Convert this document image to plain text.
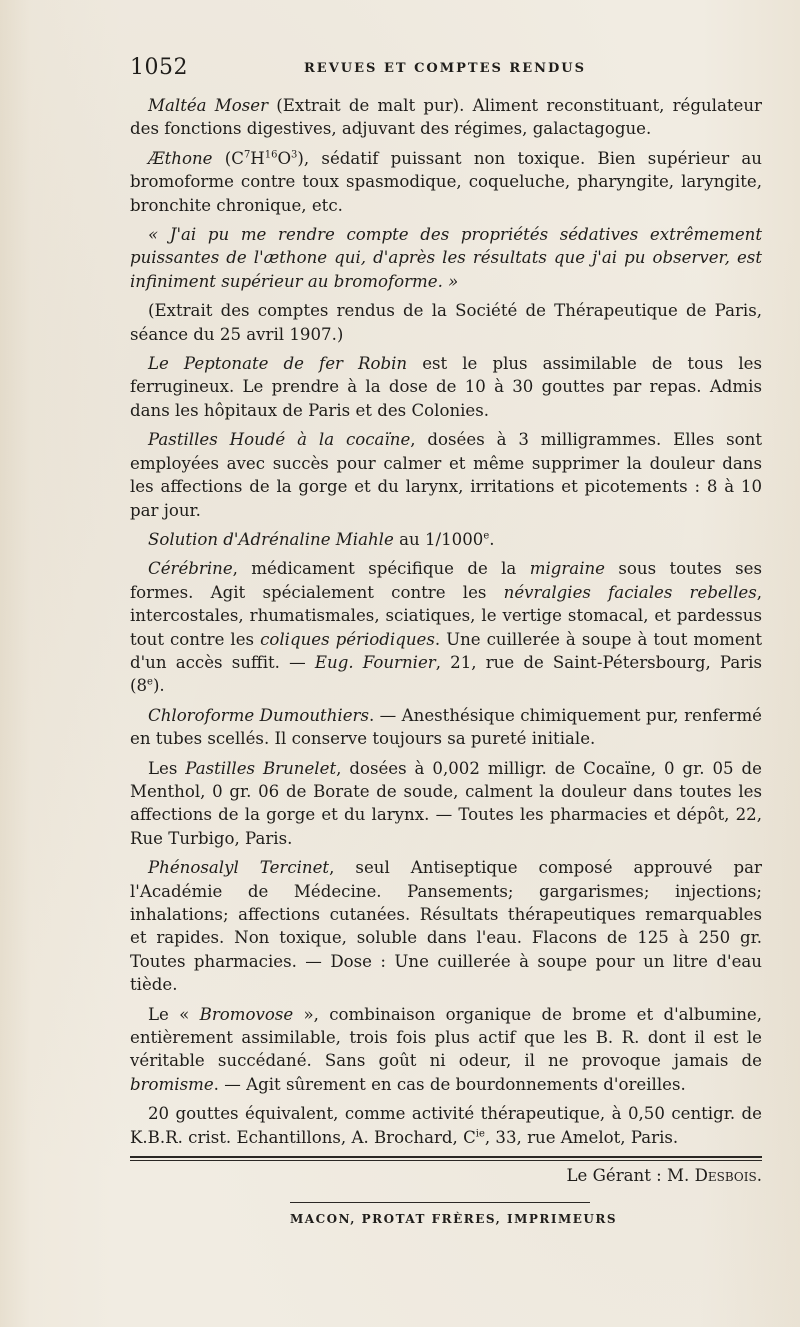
1052	REVUES ET COMPTES RENDUS

Maltéa Moser (Extrait de malt pur). Aliment reconstituant, régulateur des fonctions digestives, adjuvant des régimes, galactagogue.

Æthone $(C^7H^{16}O^3)$, sédatif puissant non toxique. Bien supérieur au bromoforme contre toux spasmodique, coqueluche, pharyngite, laryngite, bronchite chronique, etc.

« J'ai pu me rendre compte des propriétés sédatives extrêmement puissantes de l'æthone qui, d'après les résultats que j'ai pu observer, est infiniment supérieur au bromoforme. »

(Extrait des comptes rendus de la Société de Thérapeutique de Paris, séance du 25 avril 1907.)

Le Peptonate de fer Robin est le plus assimilable de tous les ferrugineux. Le prendre à la dose de 10 à 30 gouttes par repas. Admis dans les hôpitaux de Paris et des Colonies.

Pastilles Houdé à la cocaïne, dosées à 3 milligrammes. Elles sont employées avec succès pour calmer et même supprimer la douleur dans les affections de la gorge et du larynx, irritations et picotements : 8 à 10 par jour.

Solution d'Adrénaline Miahle au 1/1000e.

Cérébrine, médicament spécifique de la migraine sous toutes ses formes. Agit spécialement contre les névralgies faciales rebelles, intercostales, rhumatismales, sciatiques, le vertige stomacal, et pardessus tout contre les coliques périodiques. Une cuillerée à soupe à tout moment d'un accès suffit. — Eug. Fournier, 21, rue de Saint-Pétersbourg, Paris (8e).

Chloroforme Dumouthiers. — Anesthésique chimiquement pur, renfermé en tubes scellés. Il conserve toujours sa pureté initiale.

Les Pastilles Brunelet, dosées à 0,002 milligr. de Cocaïne, 0 gr. 05 de Menthol, 0 gr. 06 de Borate de soude, calment la douleur dans toutes les affections de la gorge et du larynx. — Toutes les pharmacies et dépôt, 22, Rue Turbigo, Paris.

Phénosalyl Tercinet, seul Antiseptique composé approuvé par l'Académie de Médecine. Pansements; gargarismes; injections; inhalations; affections cutanées. Résultats thérapeutiques remarquables et rapides. Non toxique, soluble dans l'eau. Flacons de 125 à 250 gr. Toutes pharmacies. — Dose : Une cuillerée à soupe pour un litre d'eau tiède.

Le « Bromovose », combinaison organique de brome et d'albumine, entièrement assimilable, trois fois plus actif que les B. R. dont il est le véritable succédané. Sans goût ni odeur, il ne provoque jamais de bromisme. — Agit sûrement en cas de bourdonnements d'oreilles.

20 gouttes équivalent, comme activité thérapeutique, à 0,50 centigr. de K.B.R. crist. Echantillons, A. Brochard, $C^{ie}$, 33, rue Amelot, Paris.

Le Gérant : M. Desbois.
MACON, PROTAT FRÈRES, IMPRIMEURS
